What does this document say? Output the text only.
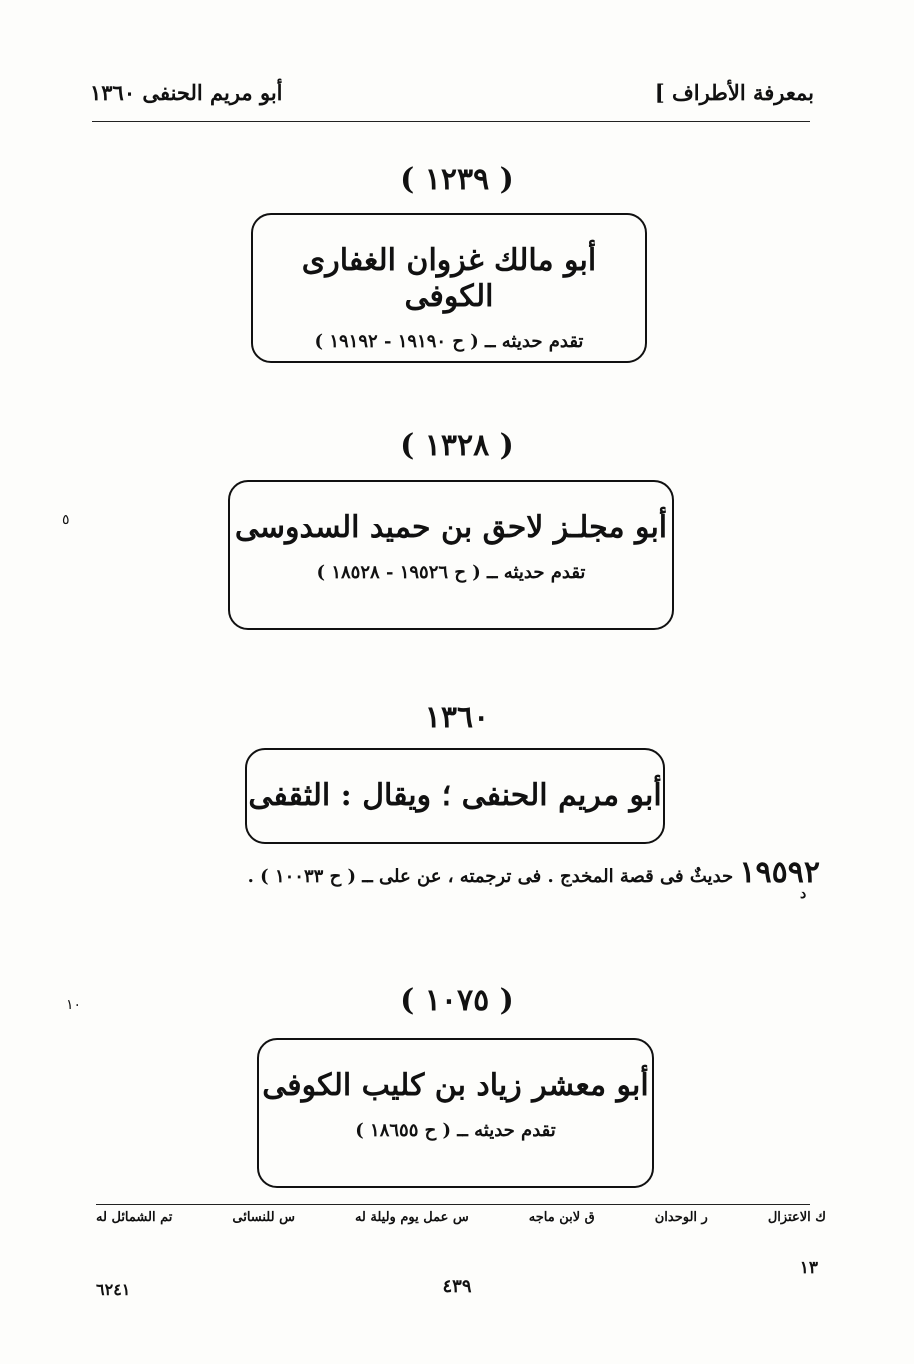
بمعرفة الأطراف ]
أبو مريم الحنفى ١٣٦٠
( ١٢٣٩ )
أبو مالك غزوان الغفارى الكوفى
تقدم حديثه ــ ( ح ١٩١٩٠ - ١٩١٩٢ )
( ١٣٢٨ )
أبو مجلـز لاحق بن حميد السدوسى
تقدم حديثه ــ ( ح ١٩٥٢٦ - ١٨٥٢٨ )
١٣٦٠
أبو مريم الحنفى ؛ ويقال : الثقفى
١٩٥٩٢ حديثٌ فى قصة المخدج . فى ترجمته ، عن على ــ ( ح ١٠٠٣٣ ) .
د
( ١٠٧٥ )
أبو معشر زياد بن كليب الكوفى
تقدم حديثه ــ ( ح ١٨٦٥٥ )
٥
١٠
تم الشمائل له	س للنسائى	س عمل يوم وليلة له	ق لابن ماجه	ر الوحدان	ك الاعتزال
٦٢٤١	٤٣٩
١٣
